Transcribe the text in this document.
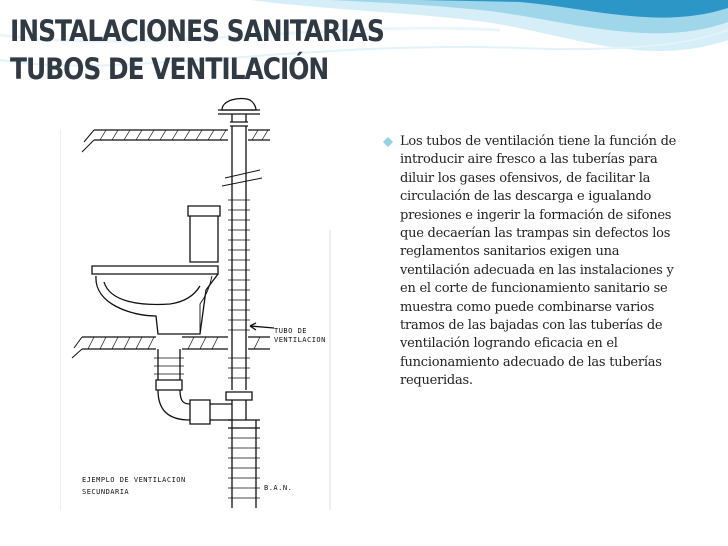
INSTALACIONES SANITARIAS
TUBOS DE VENTILACIÓN
TUBO DE
VENTILACION
EJEMPLO DE VENTILACION
SECUNDARIA	B.A.N.

Los tubos de ventilación tiene la función de introducir aire fresco a las tuberías para diluir los gases ofensivos, de facilitar la circulación de las descarga e igualando presiones e ingerir la formación de sifones que decaerían las trampas sin defectos los reglamentos sanitarios exigen una ventilación adecuada en las instalaciones y en el corte de funcionamiento sanitario se muestra como puede combinarse varios tramos de las bajadas con las tuberías de ventilación logrando eficacia en el funcionamiento adecuado de las tuberías requeridas.
